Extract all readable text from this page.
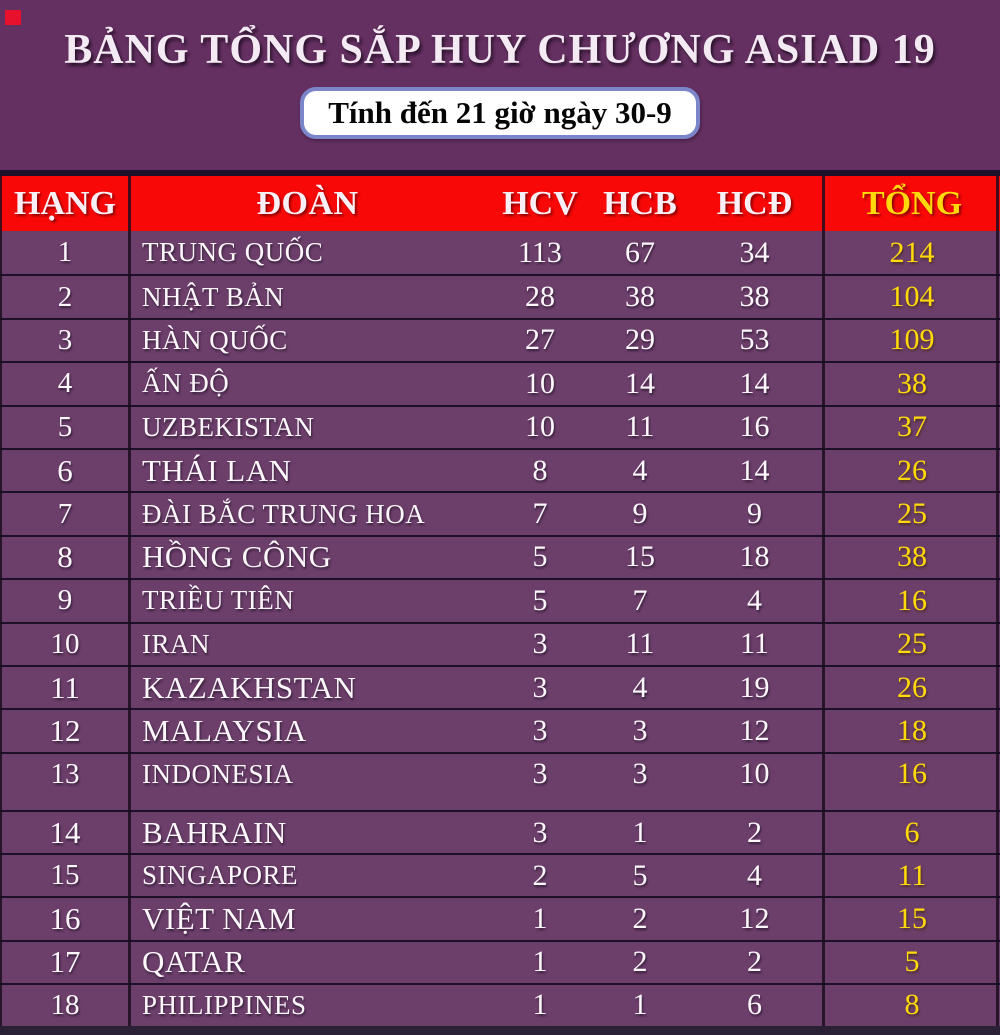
BẢNG TỔNG SẮP HUY CHƯƠNG ASIAD 19
Tính đến 21 giờ ngày 30-9
HẠNG	ĐOÀN	HCV HCB	HCĐ	TỔNG
1	TRUNG QUỐC	113	67	34	214
2	NHẬT BẢN	28	38	38	104
3	HÀN QUỐC	27	29	53	109
4	ẤN ĐỘ	10	14	14	38
5	UZBEKISTAN	10	11	16	37
6	THÁI LAN	8	4	14	26
7	ĐÀI BẮC TRUNG HOA	7	9	9	25
8	HỒNG CÔNG	5	15	18	38
9	TRIỀU TIÊN	5	7	4	16
10	IRAN	3	11	11	25
11	KAZAKHSTAN	3	4	19	26
12	MALAYSIA	3	3	12	18
13	INDONESIA	3	3	10	16
14	BAHRAIN	3	1	2	6
15	SINGAPORE	2	5	4	11
16	VIỆT NAM	1	2	12	15
17	QATAR	1	2	2	5
18	PHILIPPINES	1	1	6	8
